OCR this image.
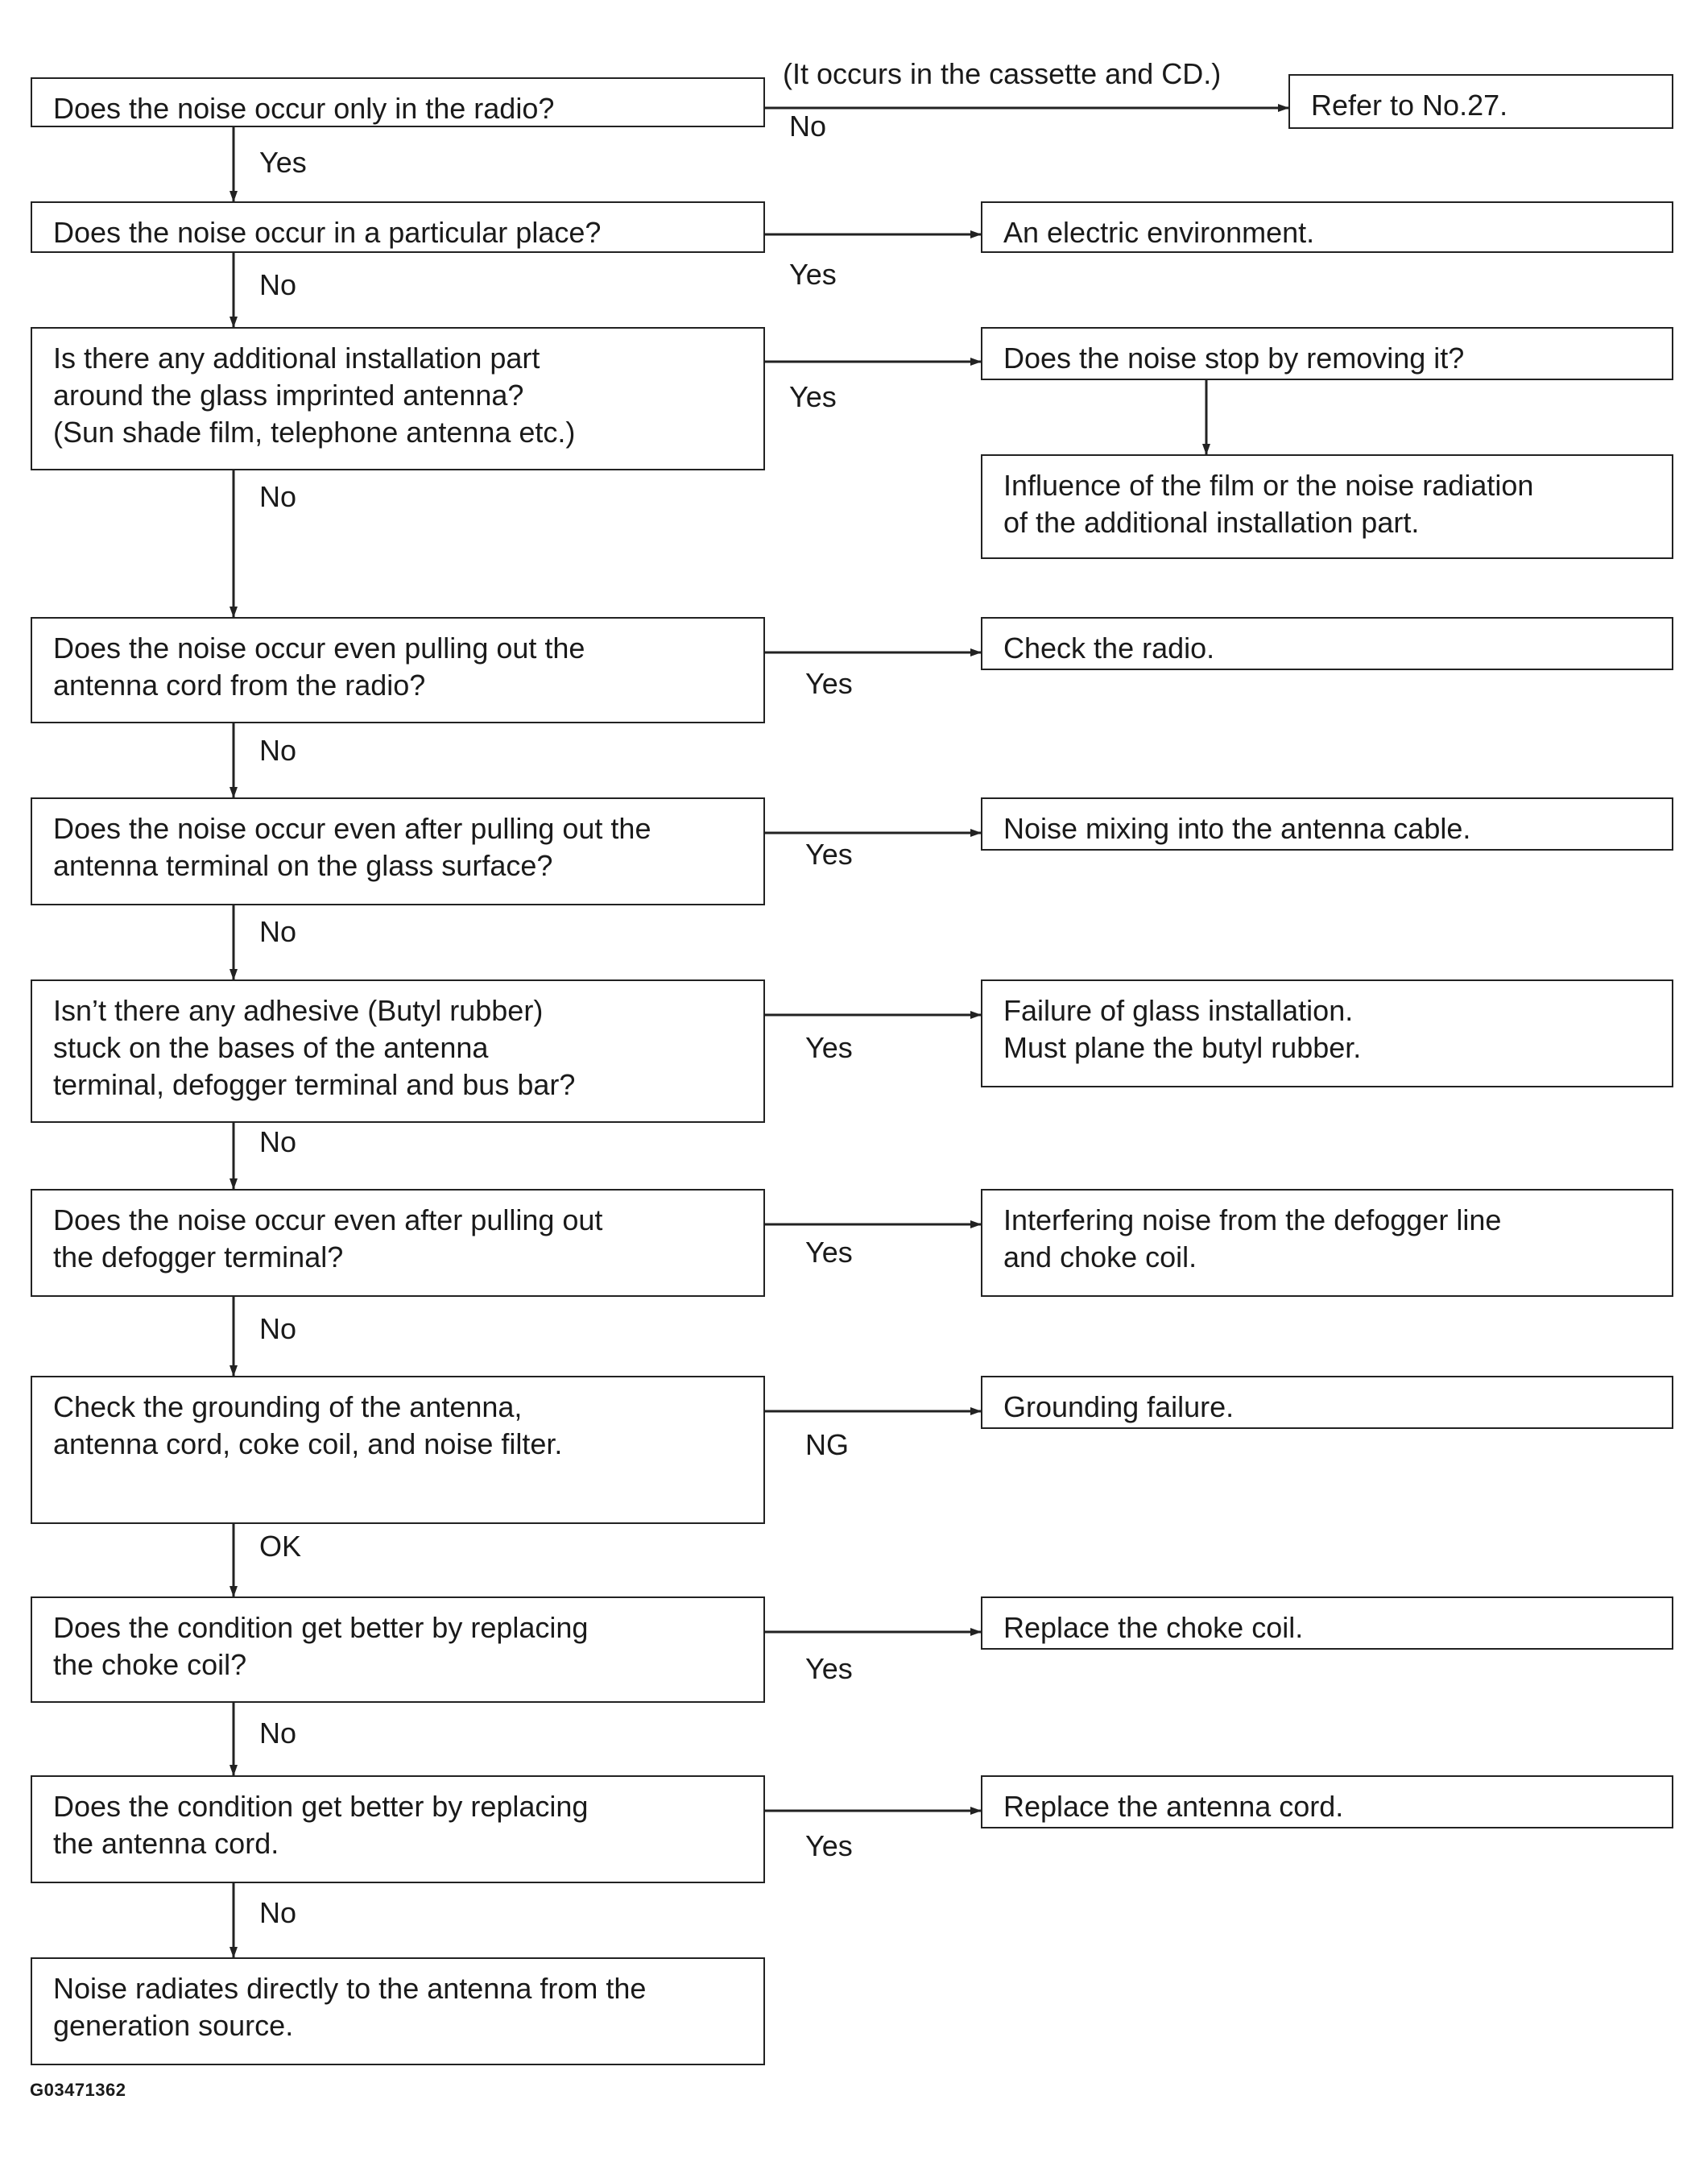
Does the noise occur only in the radio?
Does the noise occur in a particular place?
Is there any additional installation part
around the glass imprinted antenna?
(Sun shade film, telephone antenna etc.)
Does the noise occur even pulling out the
antenna cord from the radio?
Does the noise occur even after pulling out the
antenna terminal on the glass surface?
Isn’t there any adhesive (Butyl rubber)
stuck on the bases of the antenna
terminal, defogger terminal and bus bar?
Does the noise occur even after pulling out
the defogger terminal?
Check the grounding of the antenna,
antenna cord, coke coil, and noise filter.
Does the condition get better by replacing
the choke coil?
Does the condition get better by replacing
the antenna cord.
Noise radiates directly to the antenna from the
generation source.
Refer to No.27.
An electric environment.
Does the noise stop by removing it?
Influence of the film or the noise radiation
of the additional installation part.
Check the radio.
Noise mixing into the antenna cable.
Failure of glass installation.
Must plane the butyl rubber.
Interfering noise from the defogger line
and choke coil.
Grounding failure.
Replace the choke coil.
Replace the antenna cord.
Yes
No
No
No
No
No
No
OK
No
No
No
Yes
Yes
Yes
Yes
Yes
Yes
NG
Yes
Yes
(It occurs in the cassette and CD.)
G03471362
